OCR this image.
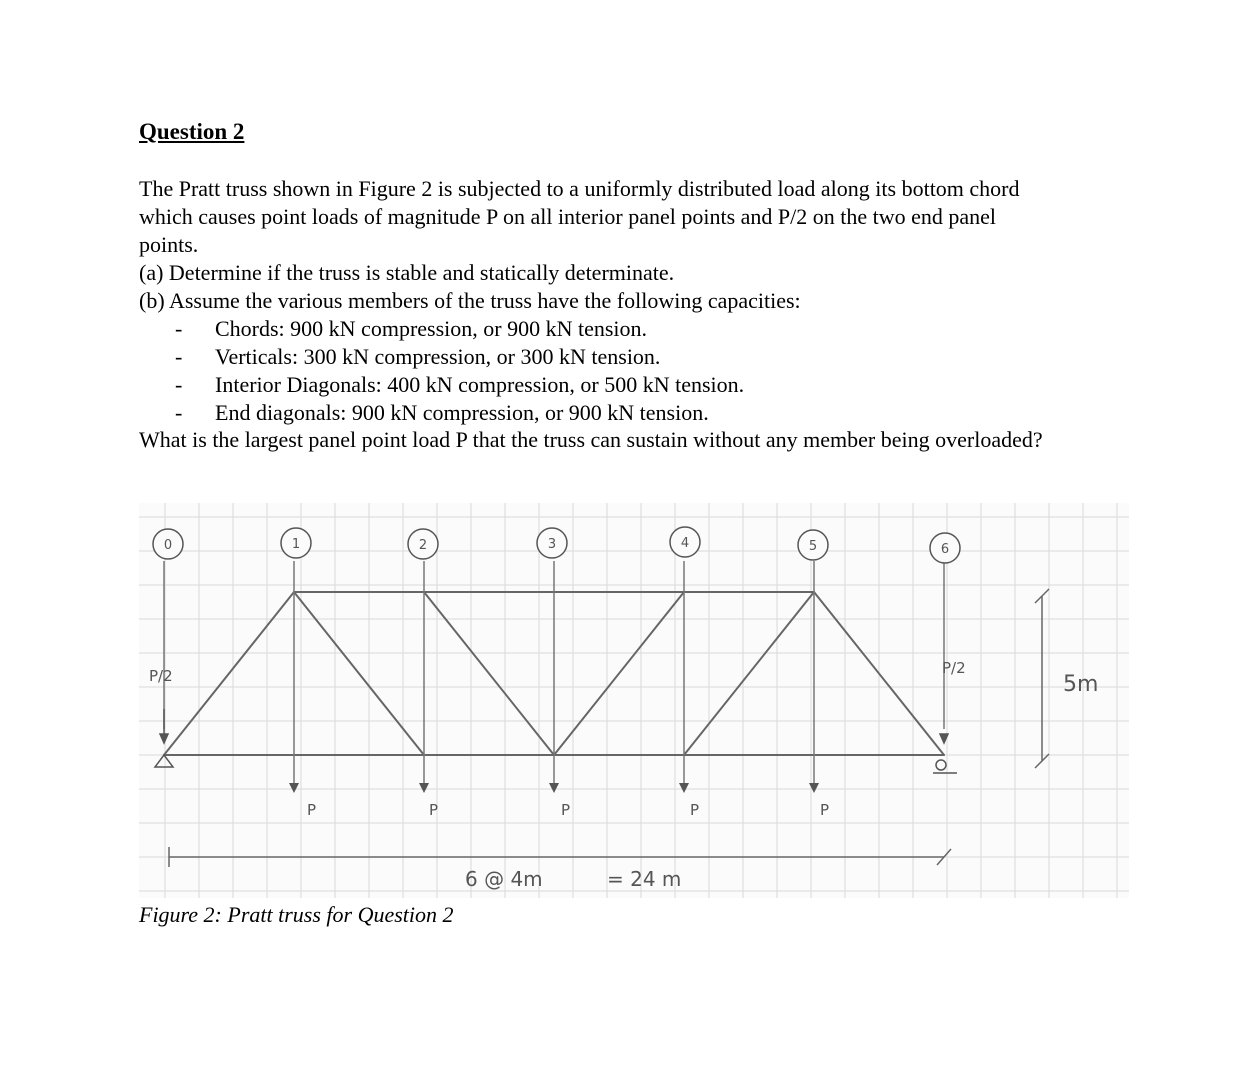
Question 2
The Pratt truss shown in Figure 2 is subjected to a uniformly distributed load along its bottom chord
which causes point loads of magnitude P on all interior panel points and P/2 on the two end panel
points.
(a) Determine if the truss is stable and statically determinate.
(b) Assume the various members of the truss have the following capacities:
- Chords: 900 kN compression, or 900 kN tension.
- Verticals: 300 kN compression, or 300 kN tension.
- Interior Diagonals: 400 kN compression, or 500 kN tension.
- End diagonals: 900 kN compression, or 900 kN tension.
What is the largest panel point load P that the truss can sustain without any member being overloaded?
0	1	2	3	4	5	6
P/2	P/2
P	P	P	P	P
5m
6 @ 4m	= 24 m
Figure 2: Pratt truss for Question 2
